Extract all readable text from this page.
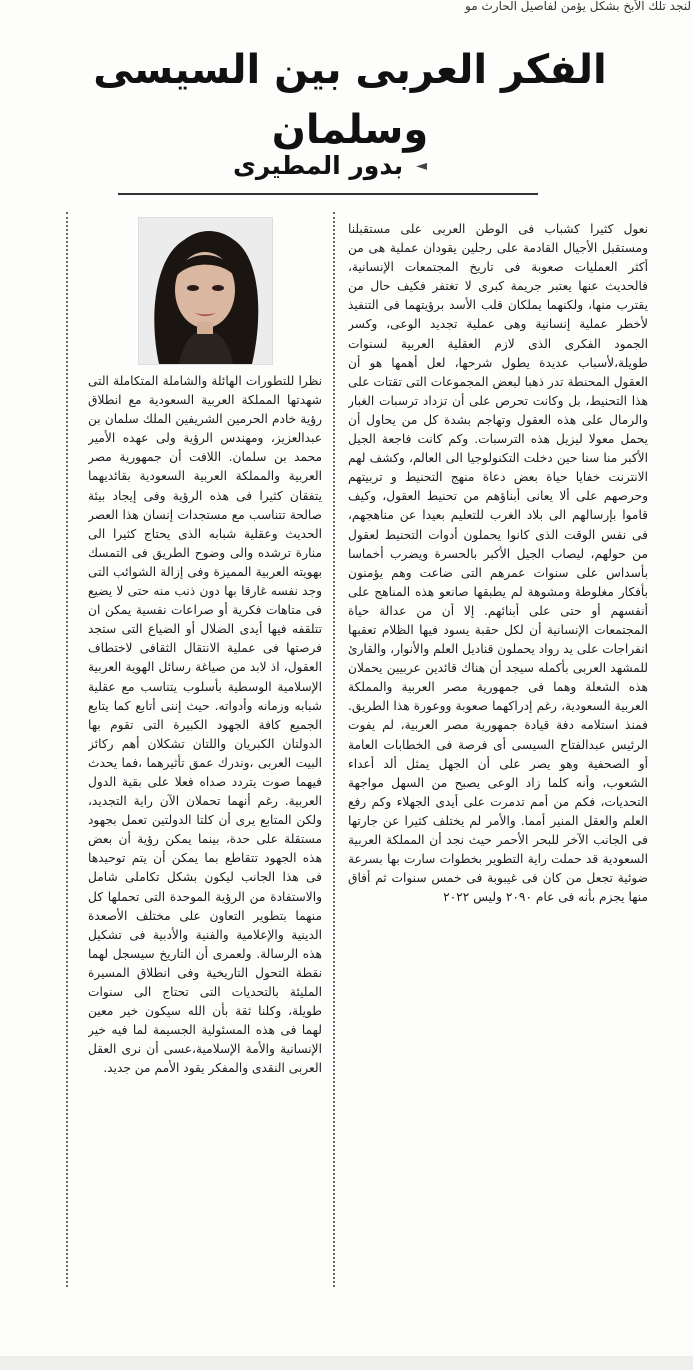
لنجد تلك الأبخ بشكل يؤمن لفاصيل الحارث مو
الفكر العربى بين السيسى وسلمان
◄ بدور المطيرى

نعول كثيرا كشباب فى الوطن العربى على مستقبلنا ومستقبل الأجيال القادمة على رجلين يقودان عملية هى من أكثر العمليات صعوبة فى تاريخ المجتمعات الإنسانية، فالحديث عنها يعتبر جريمة كبرى لا تغتفر فكيف حال من يقترب منها، ولكنهما يملكان قلب الأسد برؤيتهما فى التنفيذ لأخطر عملية إنسانية وهى عملية تجديد الوعى، وكسر الجمود الفكرى الذى لازم العقلية العربية لسنوات طويلة،لأسباب عديدة يطول شرحها، لعل أهمها هو أن العقول المحنطة تدر ذهبا لبعض المجموعات التى تقتات على هذا التحنيط، بل وكانت تحرص على أن تزداد ترسبات الغبار والرمال على هذه العقول وتهاجم بشدة كل من يحاول أن يحمل معولا ليزيل هذه الترسبات. وكم كانت فاجعة الجيل الأكبر منا سنا حين دخلت التكنولوجيا الى العالم، وكشف لهم الانترنت خفايا حياة بعض دعاة منهج التحنيط و تربيتهم وحرصهم على ألا يعانى أبناؤهم من تحنيط العقول، وكيف قاموا بإرسالهم الى بلاد الغرب للتعليم بعيدا عن مناهجهم، فى نفس الوقت الذى كانوا يحملون أدوات التحنيط لعقول من حولهم، ليصاب الجيل الأكبر بالحسرة ويضرب أخماسا بأسداس على سنوات عمرهم التى ضاعت وهم يؤمنون بأفكار مغلوطة ومشوهة لم يطبقها صانعو هذه المناهج على أنفسهم أو حتى على أبنائهم. إلا أن من عدالة حياة المجتمعات الإنسانية أن لكل حقبة يسود فيها الظلام تعقبها انفراجات على يد رواد يحملون قناديل العلم والأنوار، والقارئ للمشهد العربى بأكمله سيجد أن هناك قائدين عربيين يحملان هذه الشعلة وهما فى جمهورية مصر العربية والمملكة العربية السعودية، رغم إدراكهما صعوبة ووعورة هذا الطريق. فمنذ استلامه دفة قيادة جمهورية مصر العربية، لم يفوت الرئيس عبدالفتاح السيسى أى فرصة فى الخطابات العامة أو الصحفية وهو يصر على أن الجهل يمثل ألد أعداء الشعوب، وأنه كلما زاد الوعى يصبح من السهل مواجهة التحديات، فكم من أمم تدمرت على أيدى الجهلاء وكم رفع العلم والعقل المنير أمما. والأمر لم يختلف كثيرا عن جارتها فى الجانب الآخر للبحر الأحمر حيث نجد أن المملكة العربية السعودية قد حملت راية التطوير بخطوات سارت بها بسرعة ضوئية تجعل من كان فى غيبوبة فى خمس سنوات ثم أفاق منها يجزم بأنه فى عام ٢٠٩٠ وليس ٢٠٢٢

نظرا للتطورات الهائلة والشاملة المتكاملة التى شهدتها المملكة العربية السعودية مع انطلاق رؤية خادم الحرمين الشريفين الملك سلمان بن عبدالعزيز، ومهندس الرؤية ولى عهده الأمير محمد بن سلمان. اللافت أن جمهورية مصر العربية والمملكة العربية السعودية بقائديهما يتفقان كثيرا فى هذه الرؤية وفى إيجاد بيئة صالحة تتناسب مع مستجدات إنسان هذا العصر الحديث وعقلية شبابه الذى يحتاج كثيرا الى منارة ترشده والى وضوح الطريق فى التمسك بهويته العربية المميزة وفى إزالة الشوائب التى وجد نفسه غارقا بها دون ذنب منه حتى لا يضيع فى متاهات فكرية أو صراعات نفسية يمكن ان تتلقفه فيها أيدى الضلال أو الضياع التى ستجد فرصتها فى عملية الانتقال الثقافى لاختطاف العقول، اذ لابد من صياغة رسائل الهوية العربية الإسلامية الوسطية بأسلوب يتناسب مع عقلية شبابه وزمانه وأدواته. حيث إننى أتابع كما يتابع الجميع كافة الجهود الكبيرة التى تقوم بها الدولتان الكبريان واللتان تشكلان أهم ركائز البيت العربى ،وندرك عمق تأثيرهما ،فما يحدث فيهما صوت يتردد صداه فعلا على بقية الدول العربية. رغم أنهما تحملان الآن راية التجديد، ولكن المتابع يرى أن كلتا الدولتين تعمل بجهود مستقلة على حدة، بينما يمكن رؤية أن بعض هذه الجهود تتقاطع بما يمكن أن يتم توحيدها فى هذا الجانب ليكون بشكل تكاملى شامل والاستفادة من الرؤية الموحدة التى تحملها كل منهما بتطوير التعاون على مختلف الأصعدة الدينية والإعلامية والفنية والأدبية فى تشكيل هذه الرسالة. ولعمرى أن التاريخ سيسجل لهما نقطة التحول التاريخية وفى انطلاق المسيرة المليئة بالتحديات التى تحتاج الى سنوات طويلة، وكلنا ثقة بأن الله سيكون خير معين لهما فى هذه المسئولية الجسيمة لما فيه خير الإنسانية والأمة الإسلامية،عسى أن نرى العقل العربى النقدى والمفكر يقود الأمم من جديد.
